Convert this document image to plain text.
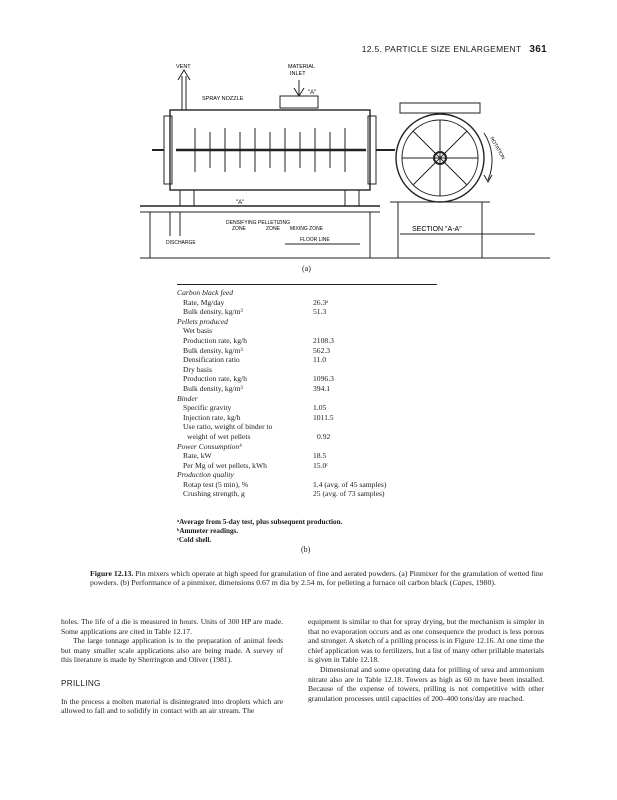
12.5. PARTICLE SIZE ENLARGEMENT 361
VENT	MATERIAL
INLET
SPRAY NOZZLE
"A"
"A"
DENSIFYING
ZONE
PELLETIZING
ZONE MIXING ZONE
FLOOR LINE
DISCHARGE
ROTATION
SECTION "A-A"
(a)
Carbon black feed
Rate, Mg/day	26.3ᵃ
Bulk density, kg/m³	51.3
Pellets produced
Wet basis
Production rate, kg/h	2108.3
Bulk density, kg/m³	562.3
Densification ratio	11.0
Dry basis
Production rate, kg/h	1096.3
Bulk density, kg/m³	394.1
Binder
Specific gravity	1.05
Injection rate, kg/h	1011.5
Use ratio, weight of binder to
weight of wet pellets	0.92
Power Consumptionᵇ
Rate, kW	18.5
Per Mg of wet pellets, kWh	15.0ᶜ
Production quality
Rotap test (5 min), %	1.4 (avg. of 45 samples)
Crushing strength, g	25 (avg. of 73 samples)
ᵃAverage from 5-day test, plus subsequent production.
ᵇAmmeter readings.
ᶜCold shell.
(b)
Figure 12.13. Pin mixers which operate at high speed for granulation of fine and aerated powders. (a) Pinmixer for the granulation of wetted fine powders. (b) Performance of a pinmixer, dimensions 0.67 m dia by 2.54 m, for pelleting a furnace oil carbon black (Capes, 1980).

holes. The life of a die is measured in hours. Units of 300 HP are made. Some applications are cited in Table 12.17.

The large tonnage application is to the preparation of animal feeds but many smaller scale applications also are being made. A survey of this literature is made by Sherrington and Oliver (1981).

PRILLING

In the process a molten material is disintegrated into droplets which are allowed to fall and to solidify in contact with an air stream. The

equipment is similar to that for spray drying, but the mechanism is simpler in that no evaporation occurs and as one consequence the product is less porous and stronger. A sketch of a prilling process is in Figure 12.16. At one time the chief application was to fertilizers, but a list of many other prillable materials is given in Table 12.18.

Dimensional and some operating data for prilling of urea and ammonium nitrate also are in Table 12.18. Towers as high as 60 m have been installed. Because of the expense of towers, prilling is not competitive with other granulation processes until capacities of 200–400 tons/day are reached.
